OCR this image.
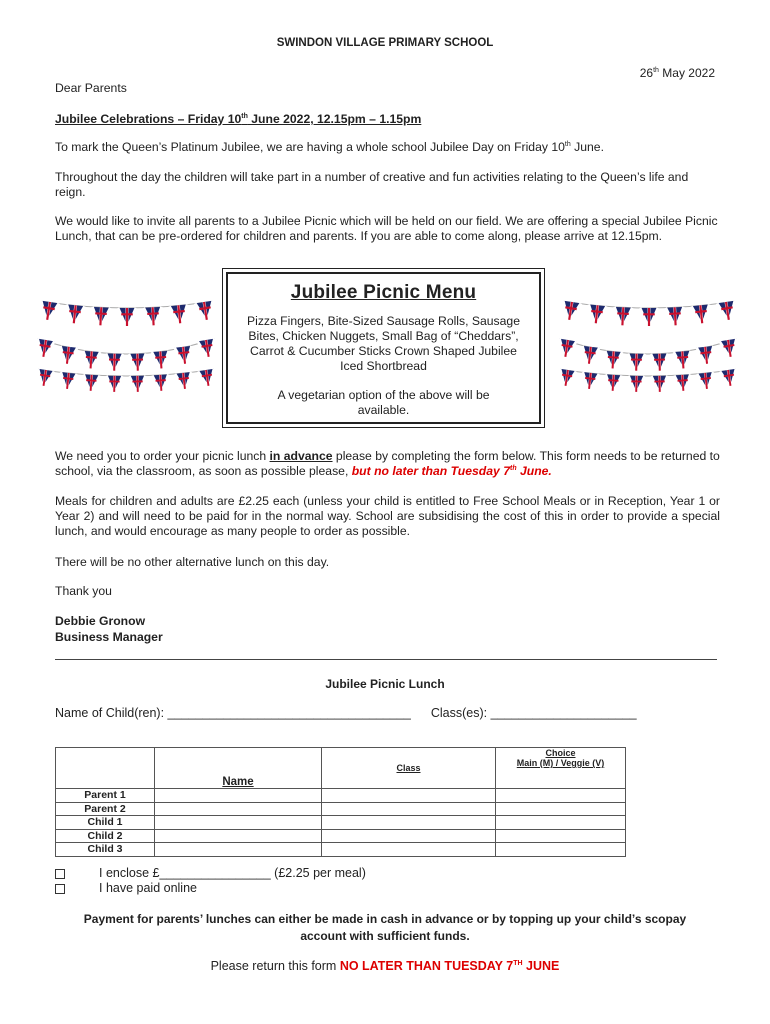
SWINDON VILLAGE PRIMARY SCHOOL
26th May 2022
Dear Parents
Jubilee Celebrations – Friday 10th June 2022, 12.15pm – 1.15pm
To mark the Queen’s Platinum Jubilee, we are having a whole school Jubilee Day on Friday 10th June.
Throughout the day the children will take part in a number of creative and fun activities relating to the Queen’s life and reign.
We would like to invite all parents to a Jubilee Picnic which will be held on our field. We are offering a special Jubilee Picnic Lunch, that can be pre-ordered for children and parents. If you are able to come along, please arrive at 12.15pm.
Jubilee Picnic Menu
Pizza Fingers, Bite-Sized Sausage Rolls, Sausage Bites, Chicken Nuggets, Small Bag of “Cheddars”, Carrot & Cucumber Sticks Crown Shaped Jubilee Iced Shortbread
A vegetarian option of the above will be available.
We need you to order your picnic lunch in advance please by completing the form below. This form needs to be returned to school, via the classroom, as soon as possible please, but no later than Tuesday 7th June.
Meals for children and adults are £2.25 each (unless your child is entitled to Free School Meals or in Reception, Year 1 or Year 2) and will need to be paid for in the normal way. School are subsidising the cost of this in order to provide a special lunch, and would encourage as many people to order as possible.
There will be no other alternative lunch on this day.
Thank you
Debbie Gronow
Business Manager
Jubilee Picnic Lunch
Name of Child(ren): ___________________________________ Class(es): _____________________
	Name	Class	Choice
Main (M) / Veggie (V)

Parent 1			
Parent 2			
Child 1			
Child 2			
Child 3			
I enclose £________________ (£2.25 per meal)
I have paid online
Payment for parents’ lunches can either be made in cash in advance or by topping up your child’s scopay account with sufficient funds.
Please return this form NO LATER THAN TUESDAY 7TH JUNE
